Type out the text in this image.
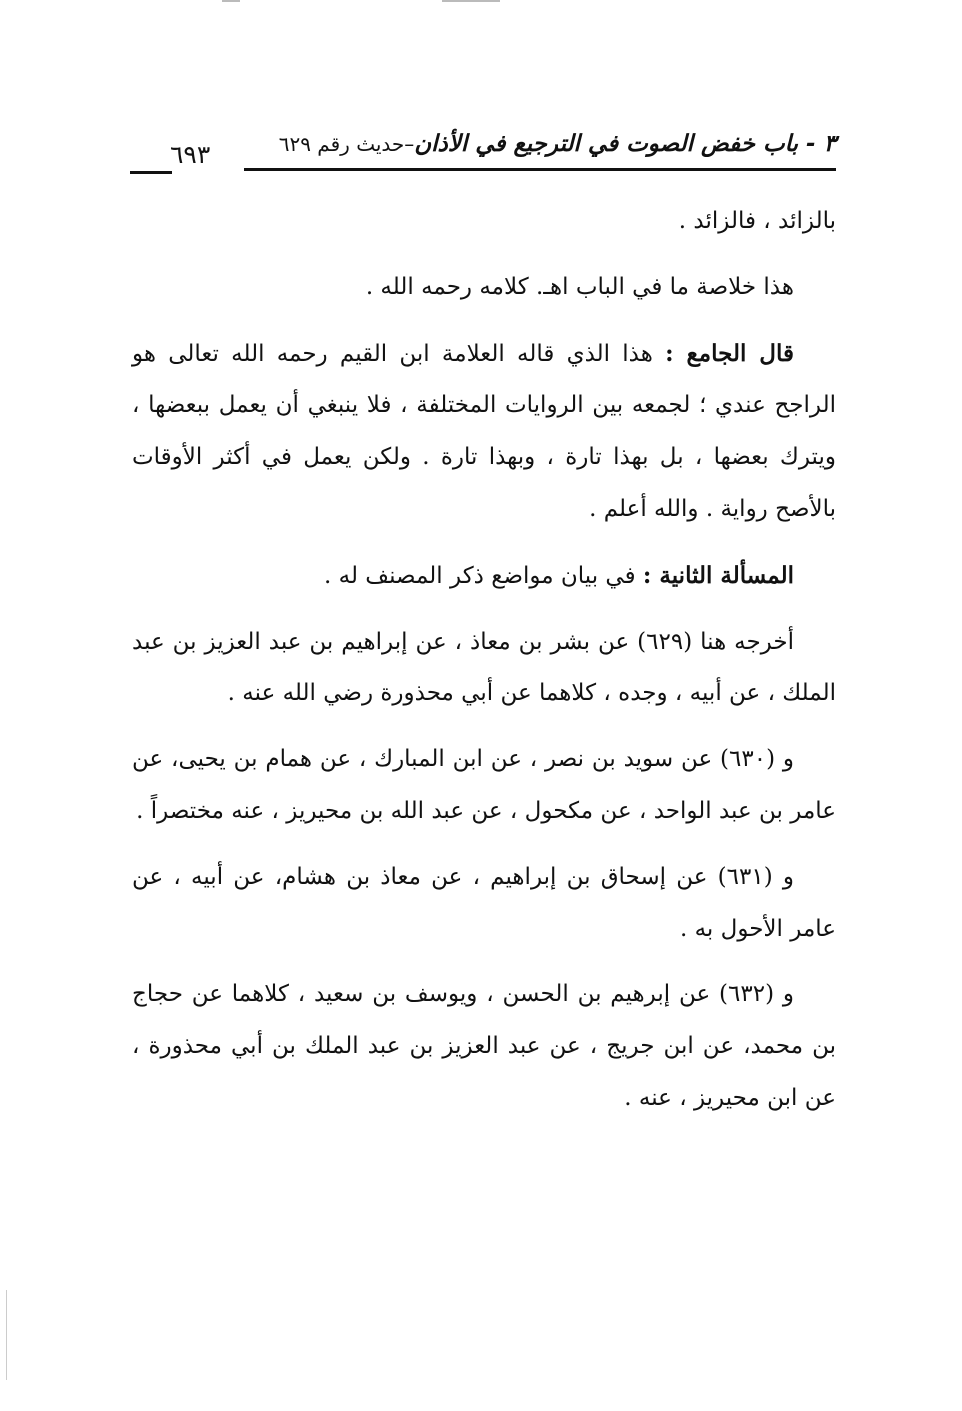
٣ - باب خفض الصوت في الترجيع في الأذان–حديث رقم ٦٢٩
٦٩٣

بالزائد ، فالزائد .

هذا خلاصة ما في الباب اهـ. كلامه رحمه الله .

قال الجامع : هذا الذي قاله العلامة ابن القيم رحمه الله تعالى هو الراجح عندي ؛ لجمعه بين الروايات المختلفة ، فلا ينبغي أن يعمل ببعضها ، ويترك بعضها ، بل بهذا تارة ، وبهذا تارة . ولكن يعمل في أكثر الأوقات بالأصح رواية . والله أعلم .

المسألة الثانية : في بيان مواضع ذكر المصنف له .

أخرجه هنا (٦٢٩) عن بشر بن معاذ ، عن إبراهيم بن عبد العزيز بن عبد الملك ، عن أبيه ، وجده ، كلاهما عن أبي محذورة رضي الله عنه .

و (٦٣٠) عن سويد بن نصر ، عن ابن المبارك ، عن همام بن يحيى، عن عامر بن عبد الواحد ، عن مكحول ، عن عبد الله بن محيريز ، عنه مختصراً .

و (٦٣١) عن إسحاق بن إبراهيم ، عن معاذ بن هشام، عن أبيه ، عن عامر الأحول به .

و (٦٣٢) عن إبرهيم بن الحسن ، ويوسف بن سعيد ، كلاهما عن حجاج بن محمد، عن ابن جريج ، عن عبد العزيز بن عبد الملك بن أبي محذورة ، عن ابن محيريز ، عنه .
